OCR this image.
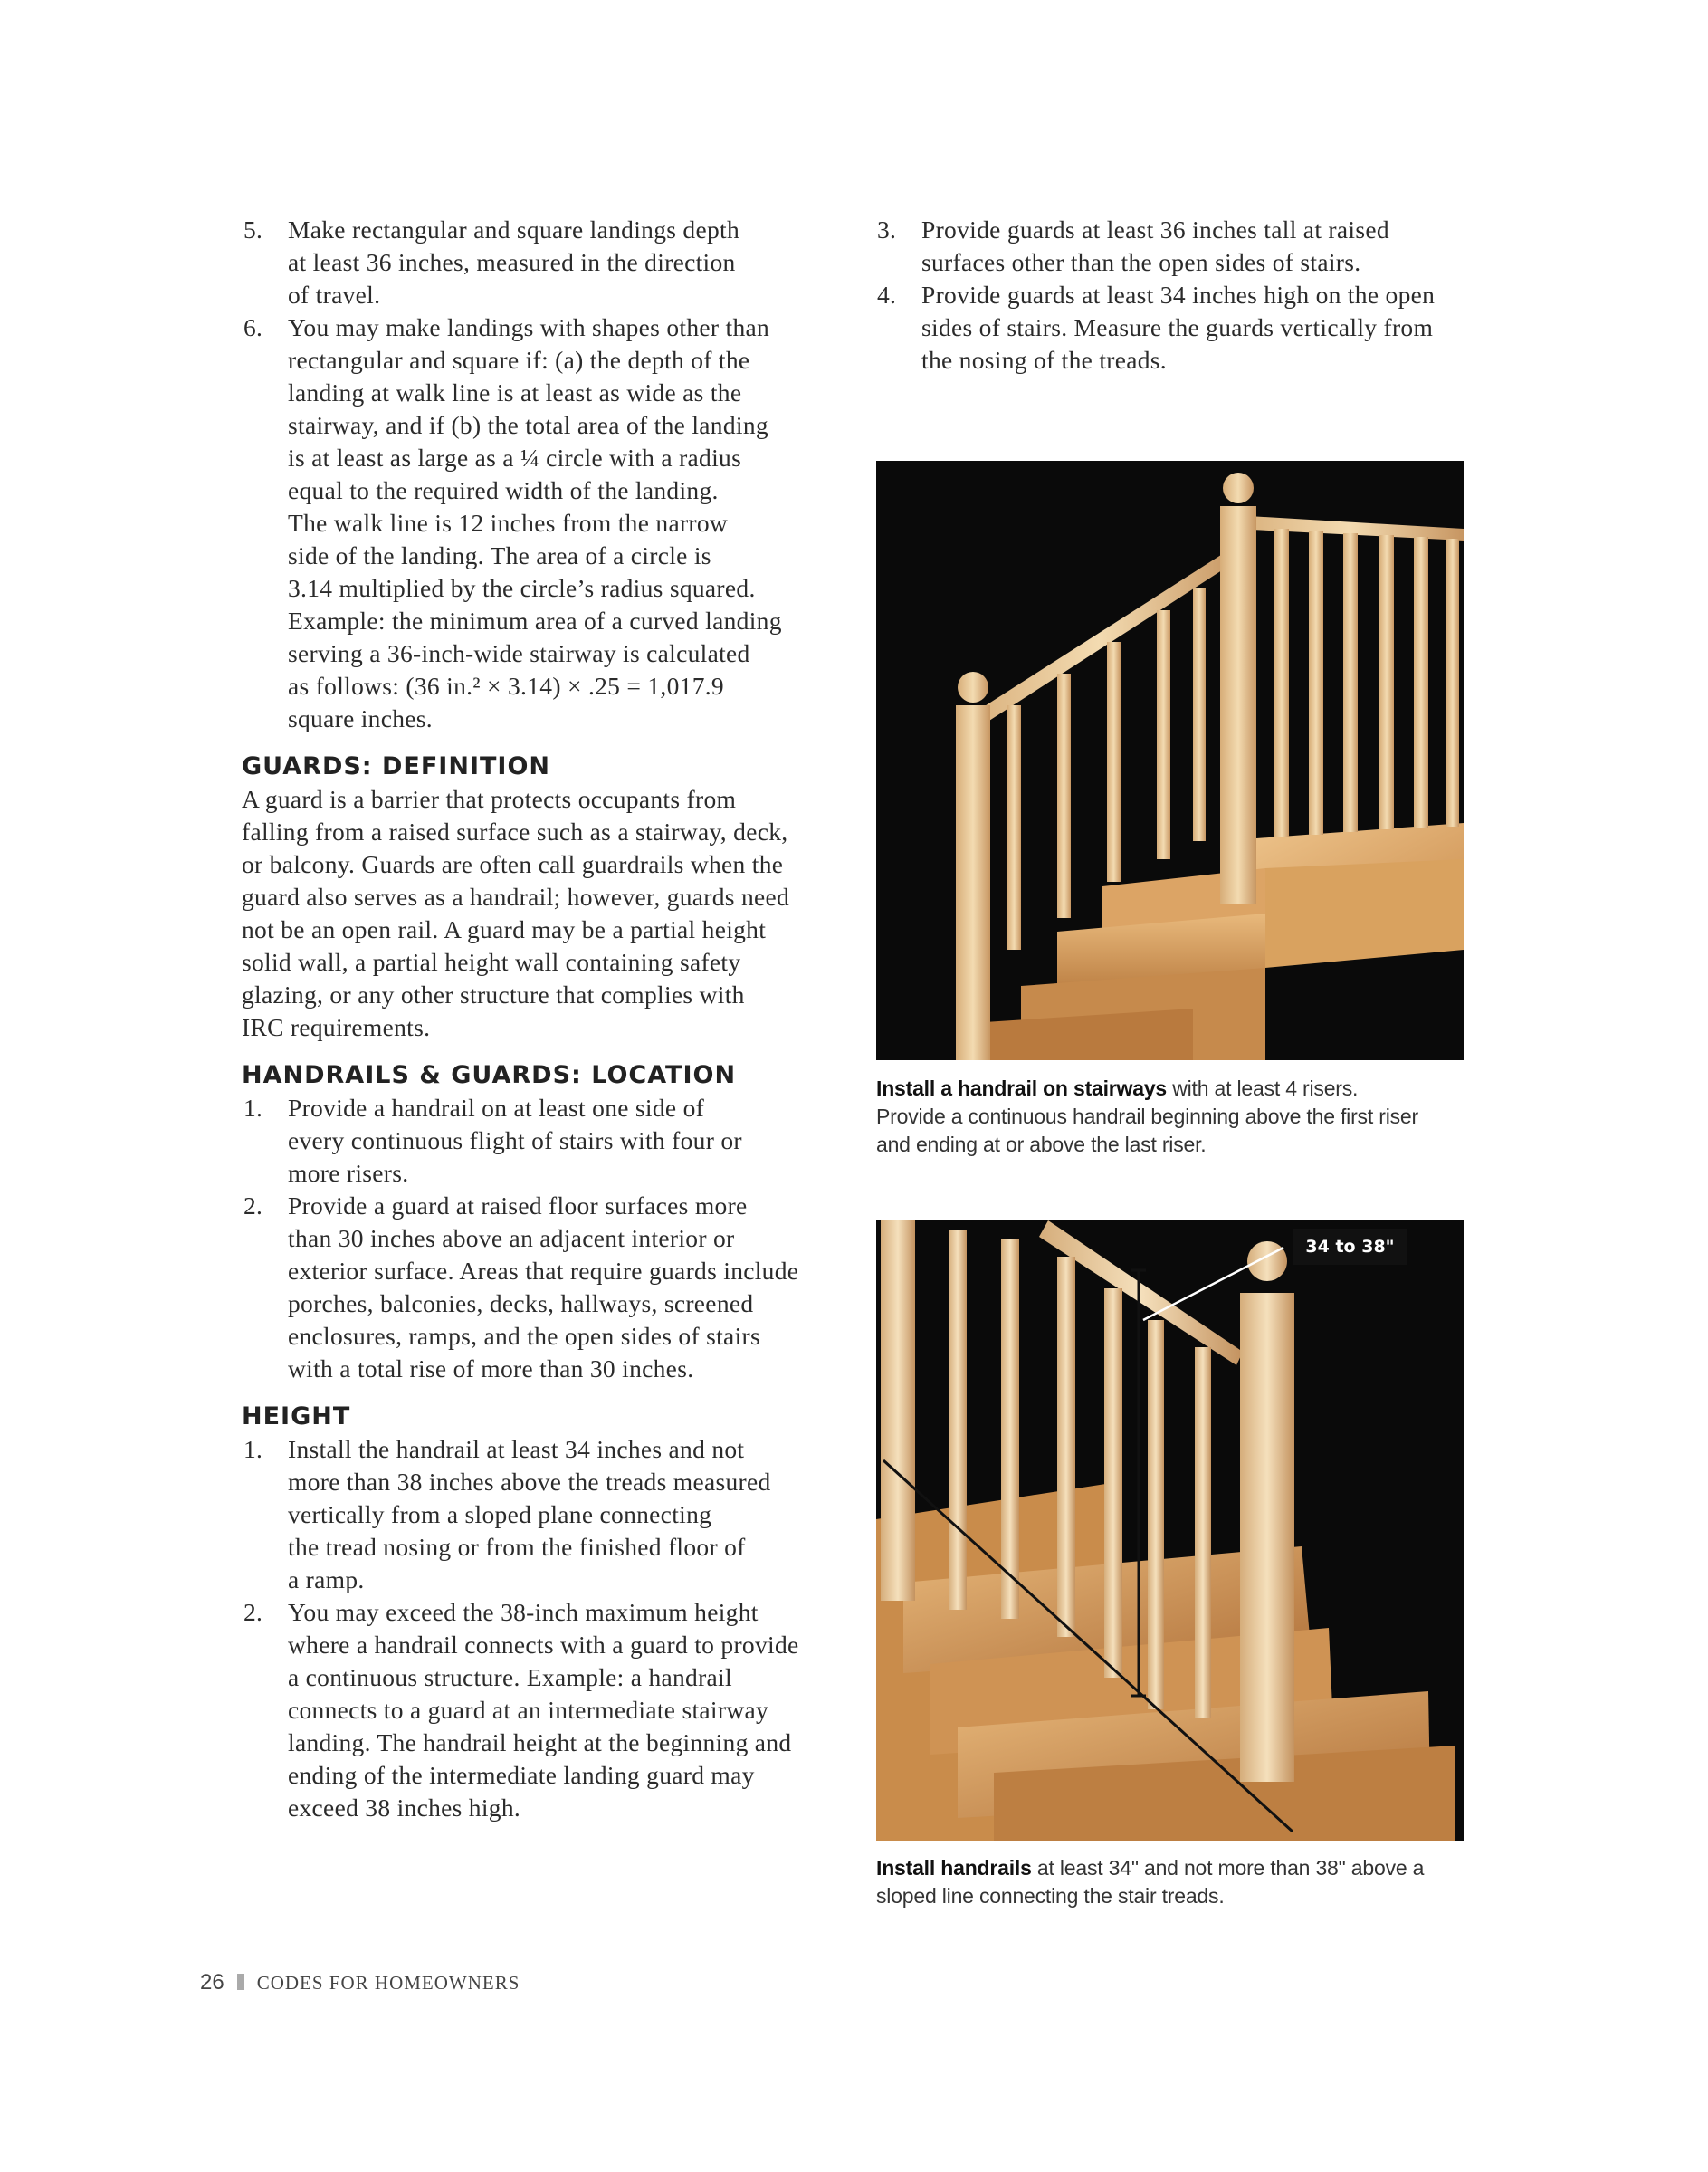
5. Make rectangular and square landings depth
at least 36 inches, measured in the direction
of travel.
6. You may make landings with shapes other than
rectangular and square if: (a) the depth of the
landing at walk line is at least as wide as the
stairway, and if (b) the total area of the landing
is at least as large as a ¼ circle with a radius
equal to the required width of the landing.
The walk line is 12 inches from the narrow
side of the landing. The area of a circle is
3.14 multiplied by the circle’s radius squared.
Example: the minimum area of a curved landing
serving a 36-inch-wide stairway is calculated
as follows: (36 in.² × 3.14) × .25 = 1,017.9
square inches.
GUARDS: DEFINITION

A guard is a barrier that protects occupants from
falling from a raised surface such as a stairway, deck,
or balcony. Guards are often call guardrails when the
guard also serves as a handrail; however, guards need
not be an open rail. A guard may be a partial height
solid wall, a partial height wall containing safety
glazing, or any other structure that complies with
IRC requirements.

HANDRAILS & GUARDS: LOCATION
1. Provide a handrail on at least one side of
every continuous flight of stairs with four or
more risers.
2. Provide a guard at raised floor surfaces more
than 30 inches above an adjacent interior or
exterior surface. Areas that require guards include
porches, balconies, decks, hallways, screened
enclosures, ramps, and the open sides of stairs
with a total rise of more than 30 inches.
HEIGHT
1. Install the handrail at least 34 inches and not
more than 38 inches above the treads measured
vertically from a sloped plane connecting
the tread nosing or from the finished floor of
a ramp.
2. You may exceed the 38-inch maximum height
where a handrail connects with a guard to provide
a continuous structure. Example: a handrail
connects to a guard at an intermediate stairway
landing. The handrail height at the beginning and
ending of the intermediate landing guard may
exceed 38 inches high.
3. Provide guards at least 36 inches tall at raised
surfaces other than the open sides of stairs.
4. Provide guards at least 34 inches high on the open
sides of stairs. Measure the guards vertically from
the nosing of the treads.
Install a handrail on stairways with at least 4 risers.
Provide a continuous handrail beginning above the first riser
and ending at or above the last riser.
34 to 38"
Install handrails at least 34" and not more than 38" above a
sloped line connecting the stair treads.
26 CODES FOR HOMEOWNERS
